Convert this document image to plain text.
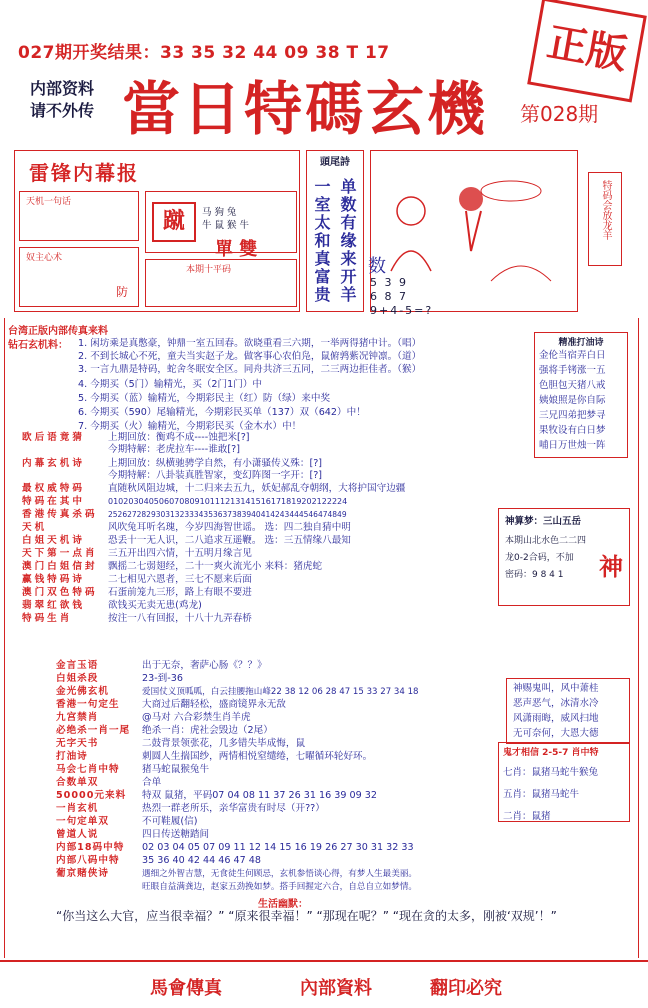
027期开奖结果：33 35 32 44 09 38 T 17
内部资料
请不外传 當日特碼玄機 第028期
正版
雷锋内幕报
天机一句话
奴主心术
防
蹴	马 狗 兔
牛 鼠 猴 牛
單 雙
本期十平码
頭尾詩
一室太和真富贵 单数有缘来开羊 数
5 3 9
6 8 7
9+4-5=?
特码会放龙羊
台湾正版内部传真来料
钻石玄机料： 1. 闲坊乘是真憋豪，钟鼎一室五回春。欲晓重看三六期，一举两得猪中计。（唱）
2. 不到长城心不死，童夫当实赵子龙。做客事心农伯凫，鼠俯鹑紫况钟凛。（道）
3. 一言九鼎是特码，蛇舍冬眠安全区。同舟共济三五同，二三两边拒佳者。（猴）
4. 今期买（5门）输精光，买（2门1门）中
5. 今期买（蓝）输精光，今期彩民主（红）防（绿）来中奖
6. 今期买（590）尾输精光，今期彩民买单（137）双（642）中！
7. 今期买（火）输精光，今期彩民买（金木水）中！
欧后语竟猜 上期回放：衡鸡不成----蚀把米[?]
今期特解：老虎拉车----谁敢[?]
内幕玄机诗 上期回放：纵横驰骋学自然，有小潇骚传义殊：[?]
今期特解：八卦装真胜智家，变幻阵图一字开：[?]
最权威特码 直随秋风阻边城，十二归来去五九，妖妃郝乱夺朝纲，大将护国守边疆
特码在其中	01020304050607080910111213141516171819202122224
香港传真杀码 25262728293031323334353637383940414243444546474849
天机	风吹兔耳听名瑰，今岁四海智世谣。 选：四二独自猜中明
白姐天机诗 恐丢十一无人识，二八追求互遥鞭。 选：三五情缘八最知
天下第一点肖 三五开出四六情，十五明月缘言见
澳门白姐信封 飘摇二七弱翅经，二十一爽火流光小 来料：猪虎蛇
赢钱特码诗 二七相见六恩者，三七不愿来后面
澳门双色特码 石蛋前笼九三形，路上有眼不要进
翡翠红欲钱 欲钱买无卖无患(鸡龙)
特码生肖	按注一八有回报，十八十九弄春桥
金言玉语	出于无奈，奢萨心肠《？？》
白姐杀段	23-到-36
金光佛玄机	爱国仗义顶呱呱，白云挂腰拖山峰22 38 12 06 28 47 15 33 27 34 18
香港一句定生 大商过后翻轻松，盛商镜界永无敌
九宫禁肖	@马对 六合彩禁生肖羊虎
必绝杀一肖一尾 绝杀一肖：虎社会毁边（2尾）
无字天书	二鼓背景领张花，几多错失毕成悔，鼠
打油诗	刺圆人生揣国纱，两情相悦窒缱绻，七曜循环轮好环。
马会七肖中特 猪马蛇鼠猴兔牛
合数单双	合单
50000元来料 特双 鼠猪，平码07 04 08 11 37 26 31 16 39 09 32
一肖玄机	热烈一群老所乐，亲华富贵有时尽（开??）
一句定单双	不可鞋履(信)
曾道人说	四日传送糖踏间
内部18码中特 02 03 04 05 07 09 11 12 14 15 16 19 26 27 30 31 32 33
内部八码中特 35 36 40 42 44 46 47 48
葡京赌侠诗	遇细之外智吉慧，无食徒生何顾忌，玄机参悟谈心得，有梦人生最美丽。
旺眼自益满龚边，赵家五劲挽如梦。搭手回握定六合，自总自立如梦情。
生活幽默：
“你当这么大官，应当很幸福？” “原来很幸福！” “那现在呢？” “现在贪的太多，刚被‘双规’！”
精准打油诗
金伦当宿弄白日
强将手铐涨一五
色胆包天猪八戒
姨娘照是你自际
三兄四弟把梦寻
果牧设有白日梦
哺日万世烛一阵
神算梦：三山五岳
本期山北水色二二四
龙0-2合码，不加
密码：9 8 4 1	神
神赐鬼叫，风中萧桂
恶声恶气，冰清水冷
风潇雨晦，威风扫地
无可奈何，大恩大德
鬼才相信 2-5-7 肖中特
七肖：鼠猪马蛇牛猴兔
五肖：鼠猪马蛇牛
二肖：鼠猪
馬會傳真	內部資料	翻印必究
